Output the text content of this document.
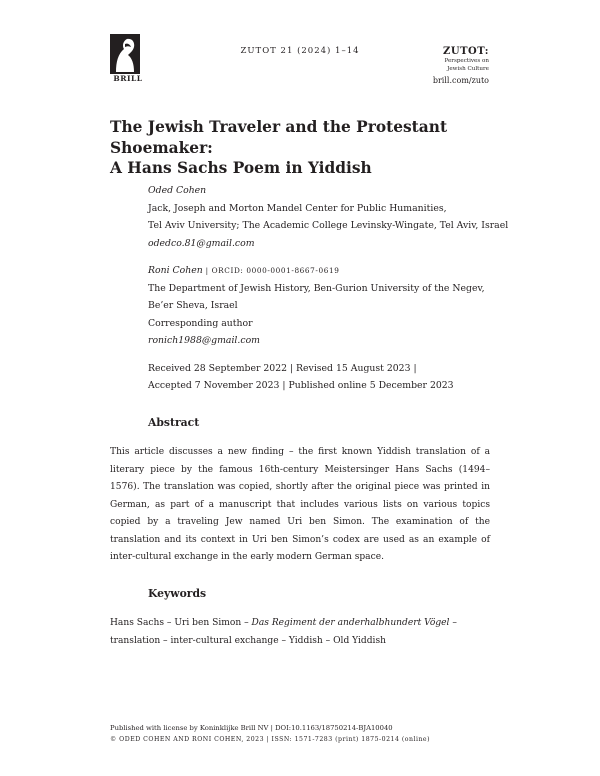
BRILL
ZUTOT 21 (2024) 1–14	ZUTOT:
Perspectives on
Jewish Culture
brill.com/zuto
The Jewish Traveler and the Protestant Shoemaker:
A Hans Sachs Poem in Yiddish
Oded Cohen
Jack, Joseph and Morton Mandel Center for Public Humanities,
Tel Aviv University; The Academic College Levinsky-Wingate, Tel Aviv, Israel
odedco.81@gmail.com
Roni Cohen | ORCID: 0000-0001-8667-0619
The Department of Jewish History, Ben-Gurion University of the Negev,
Be’er Sheva, Israel
Corresponding author
ronich1988@gmail.com
Received 28 September 2022 | Revised 15 August 2023 |
Accepted 7 November 2023 | Published online 5 December 2023
Abstract
This article discusses a new finding – the first known Yiddish translation of a literary piece by the famous 16th-century Meistersinger Hans Sachs (1494–1576). The translation was copied, shortly after the original piece was printed in German, as part of a manuscript that includes various lists on various topics copied by a traveling Jew named Uri ben Simon. The examination of the translation and its context in Uri ben Simon’s codex are used as an example of inter-cultural exchange in the early modern German space.
Keywords
Hans Sachs – Uri ben Simon – Das Regiment der anderhalbhundert Vögel – translation – inter-cultural exchange – Yiddish – Old Yiddish
Published with license by Koninklijke Brill NV | DOI:10.1163/18750214-BJA10040
© ODED COHEN AND RONI COHEN, 2023 | ISSN: 1571-7283 (print) 1875-0214 (online)
